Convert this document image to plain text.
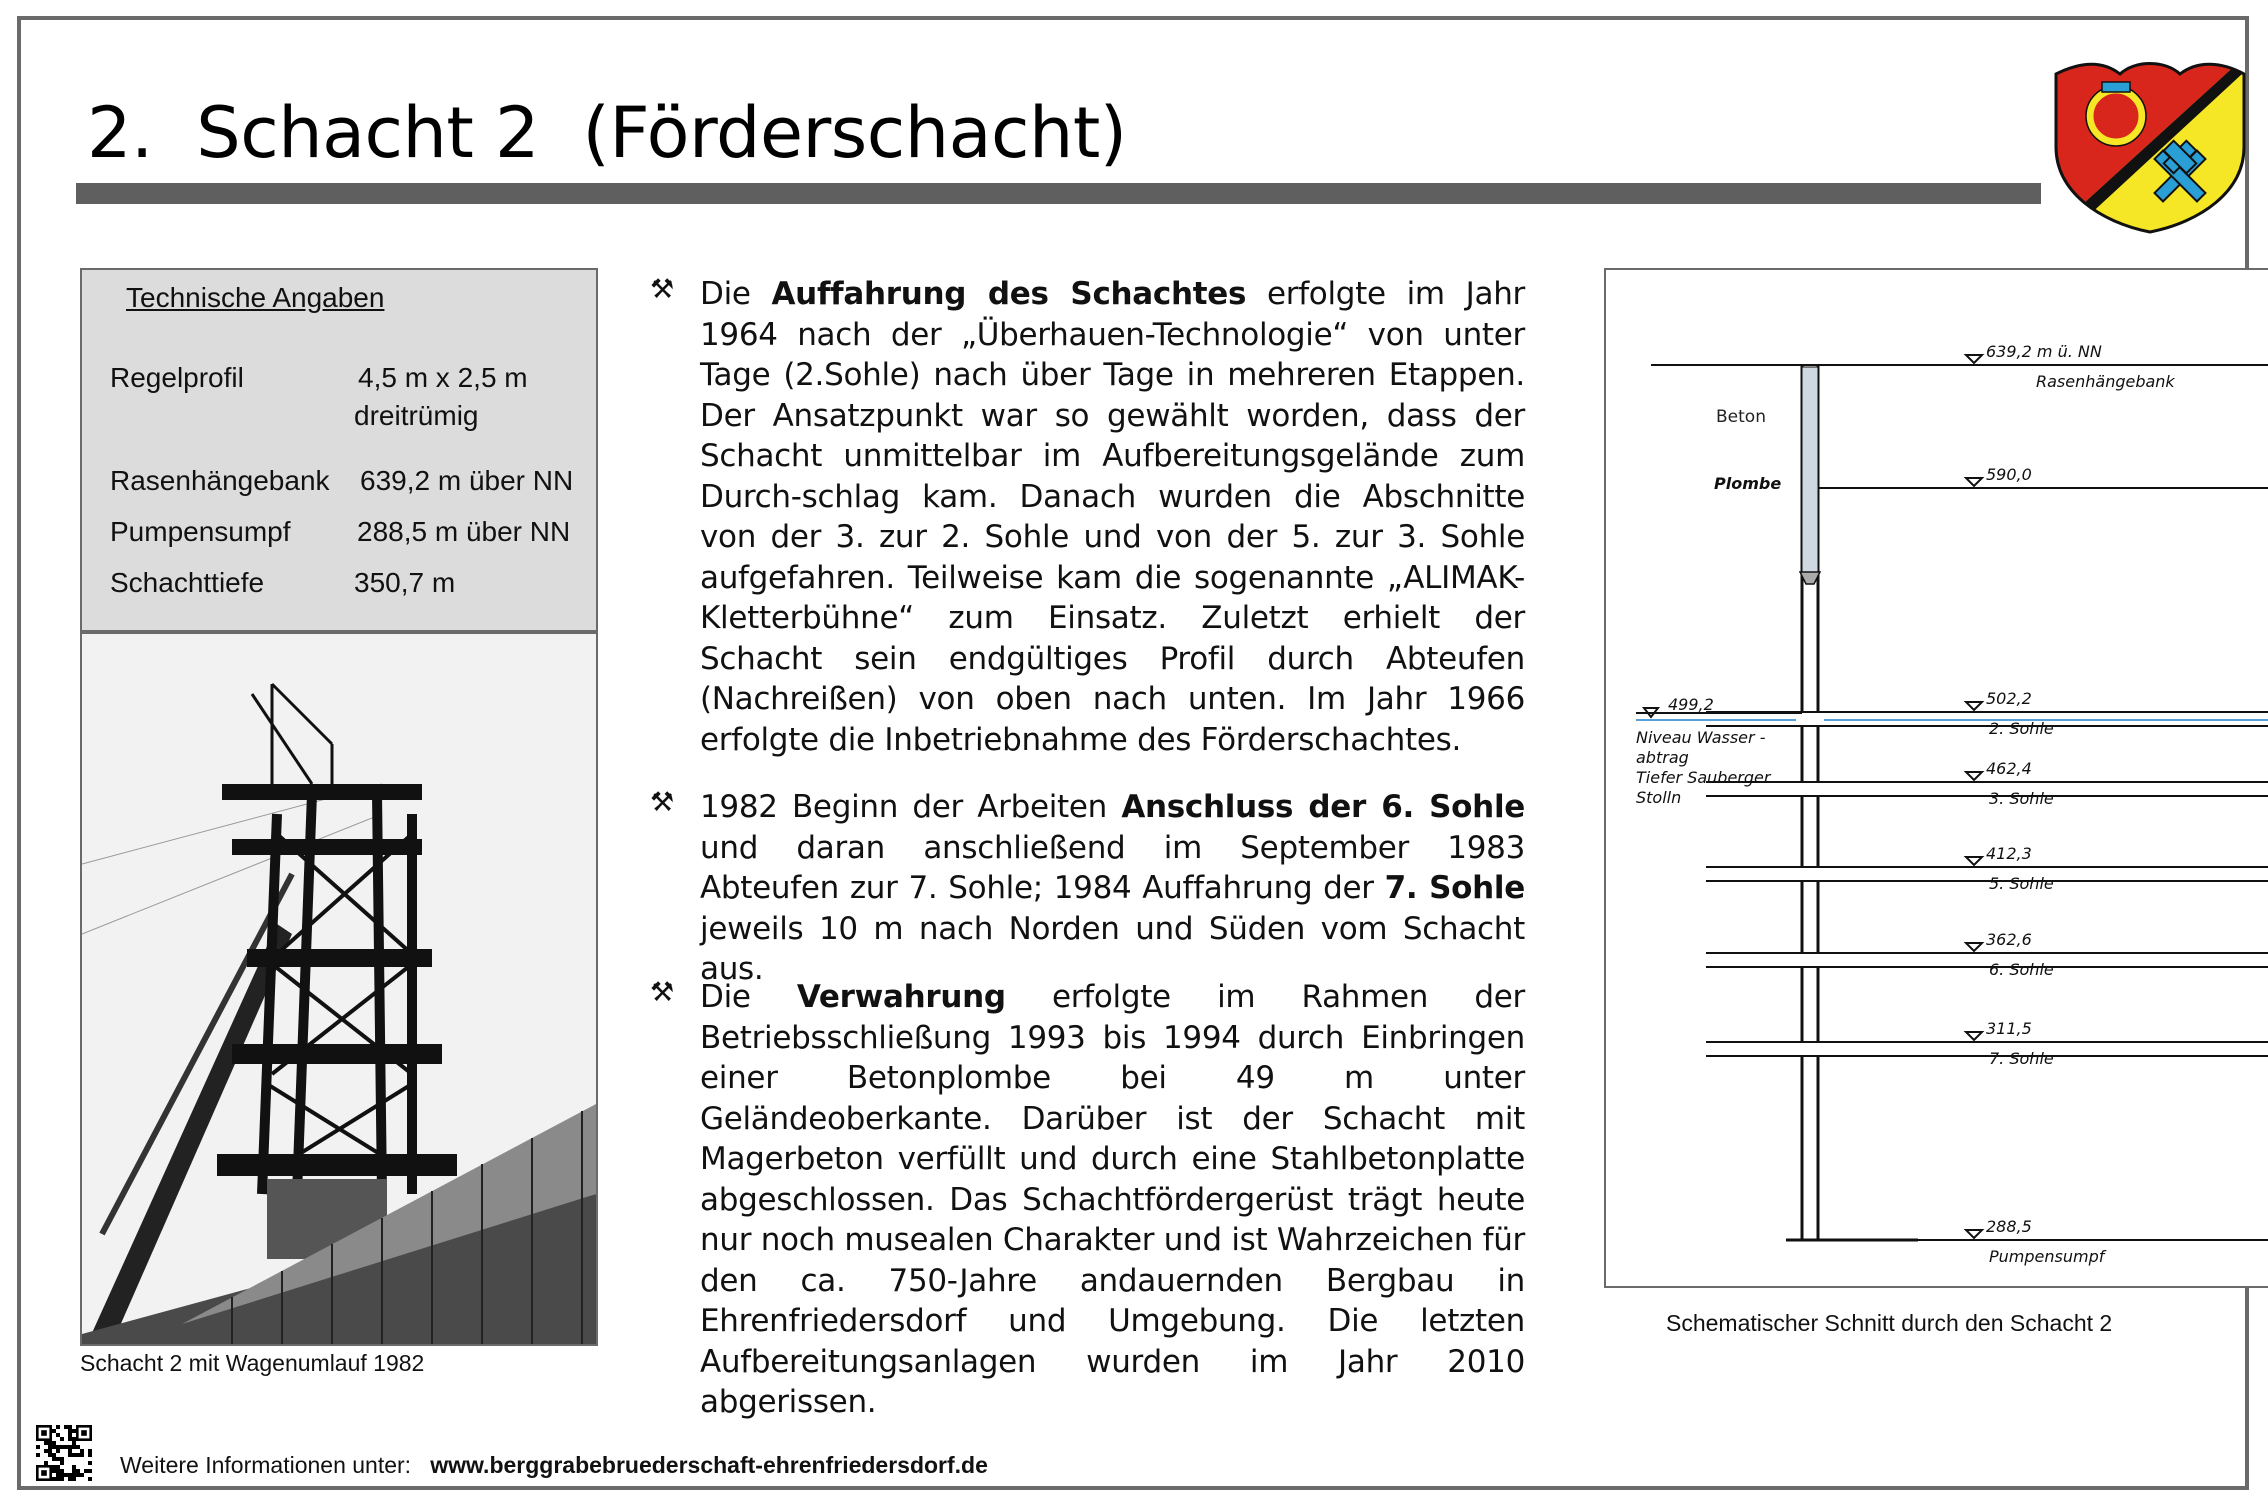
2.  Schacht 2  (Förderschacht)
Technische Angaben
Regelprofil	4,5 m x 2,5 m
dreitrümig
Rasenhängebank 639,2 m über NN
Pumpensumpf 288,5 m über NN
Schachttiefe	350,7 m
Schacht 2 mit Wagenumlauf 1982
⚒ Die Auffahrung des Schachtes erfolgte im Jahr 1964 nach der „Überhauen-Technologie“ von unter Tage (2.Sohle) nach über Tage in mehreren Etappen. Der Ansatzpunkt war so gewählt worden, dass der Schacht unmittelbar im Aufbereitungsgelände zum Durch-schlag kam. Danach wurden die Abschnitte von der 3. zur 2. Sohle und von der 5. zur 3. Sohle aufgefahren. Teilweise kam die sogenannte „ALIMAK-Kletterbühne“ zum Einsatz. Zuletzt erhielt der Schacht sein endgültiges Profil durch Abteufen (Nachreißen) von oben nach unten. Im Jahr 1966 erfolgte die Inbetriebnahme des Förderschachtes.
⚒ 1982 Beginn der Arbeiten Anschluss der 6. Sohle und daran anschließend im September 1983 Abteufen zur 7. Sohle; 1984 Auffahrung der 7. Sohle jeweils 10 m nach Norden und Süden vom Schacht aus.
⚒ Die Verwahrung erfolgte im Rahmen der Betriebsschließung 1993 bis 1994 durch Einbringen einer Betonplombe bei 49 m unter Geländeoberkante. Darüber ist der Schacht mit Magerbeton verfüllt und durch eine Stahlbetonplatte abgeschlossen. Das Schachtfördergerüst trägt heute nur noch musealen Charakter und ist Wahrzeichen für den ca. 750-Jahre andauernden Bergbau in Ehrenfriedersdorf und Umgebung. Die letzten Aufbereitungsanlagen wurden im Jahr 2010 abgerissen.
639,2 m ü. NN
Rasenhängebank
590,0
502,2
2. Sohle
462,4
3. Sohle
412,3
5. Sohle
362,6
6. Sohle
311,5
7. Sohle
288,5
Pumpensumpf
499,2
Niveau Wasser -
abtrag
Tiefer Sauberger
Stolln
Beton
Plombe
Schematischer Schnitt durch den Schacht 2
Weitere Informationen unter: www.berggrabebruederschaft-ehrenfriedersdorf.de
